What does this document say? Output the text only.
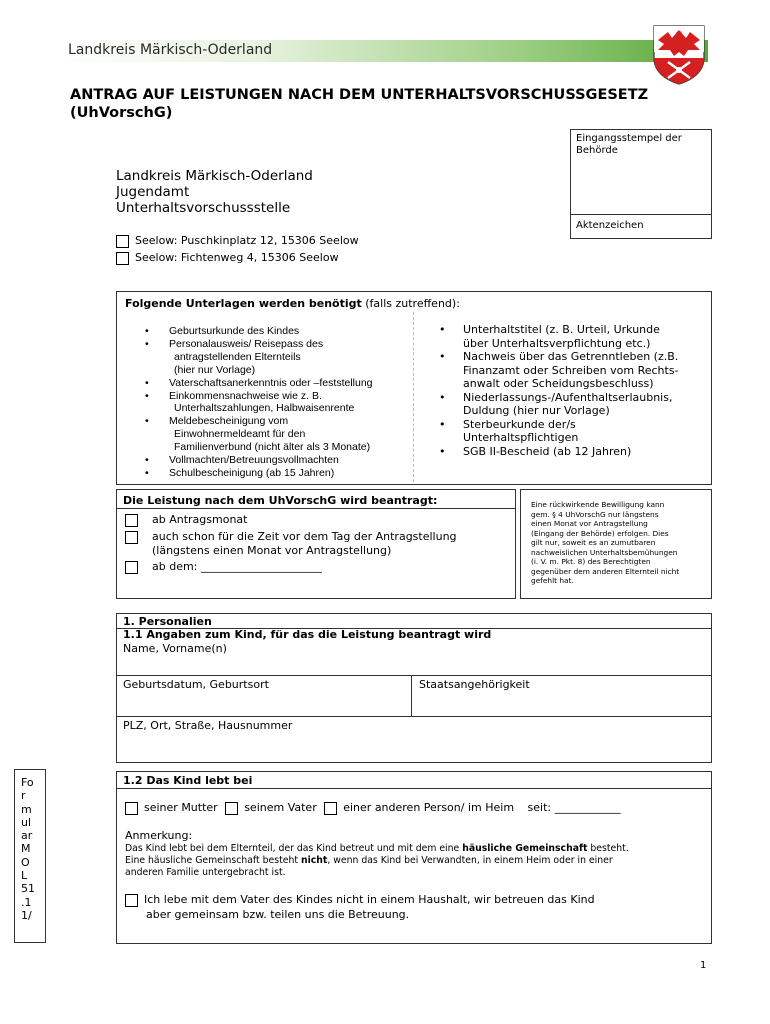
Landkreis Märkisch-Oderland
ANTRAG AUF LEISTUNGEN NACH DEM UNTERHALTSVORSCHUSSGESETZ
(UhVorschG)
Eingangsstempel der Behörde
Aktenzeichen
Landkreis Märkisch-Oderland
Jugendamt
Unterhaltsvorschussstelle
Seelow: Puschkinplatz 12, 15306 Seelow
Seelow: Fichtenweg 4, 15306 Seelow
Folgende Unterlagen werden benötigt (falls zutreffend):
• Geburtsurkunde des Kindes
• Personalausweis/ Reisepass des
antragstellenden Elternteils
(hier nur Vorlage)
• Vaterschaftsanerkenntnis oder –feststellung
• Einkommensnachweise wie z. B.
Unterhaltszahlungen, Halbwaisenrente
• Meldebescheinigung vom
Einwohnermeldeamt für den
Familienverbund (nicht älter als 3 Monate)
• Vollmachten/Betreuungsvollmachten
• Schulbescheinigung (ab 15 Jahren)
• Unterhaltstitel (z. B. Urteil, Urkunde
über Unterhaltsverpflichtung etc.)
• Nachweis über das Getrenntleben (z.B.
Finanzamt oder Schreiben vom Rechts-
anwalt oder Scheidungsbeschluss)
• Niederlassungs-/Aufenthaltserlaubnis,
Duldung (hier nur Vorlage)
• Sterbeurkunde der/s
Unterhaltspflichtigen
• SGB II-Bescheid (ab 12 Jahren)
Die Leistung nach dem UhVorschG wird beantragt:
ab Antragsmonat
auch schon für die Zeit vor dem Tag der Antragstellung
(längstens einen Monat vor Antragstellung)
ab dem: ______________________
Eine rückwirkende Bewilligung kann
gem. § 4 UhVorschG nur längstens
einen Monat vor Antragstellung
(Eingang der Behörde) erfolgen. Dies
gilt nur, soweit es an zumutbaren
nachweislichen Unterhaltsbemühungen
(i. V. m. Pkt. 8) des Berechtigten
gegenüber dem anderen Elternteil nicht
gefehlt hat.
1. Personalien
1.1 Angaben zum Kind, für das die Leistung beantragt wird
Name, Vorname(n)
Geburtsdatum, Geburtsort	Staatsangehörigkeit
PLZ, Ort, Straße, Hausnummer
Fo
r
m
ul
ar
M
O
L
51
.1
1/
1.2 Das Kind lebt bei
seiner Mutter seinem Vater einer anderen Person/ im Heim seit: ____________
Anmerkung:
Das Kind lebt bei dem Elternteil, der das Kind betreut und mit dem eine häusliche Gemeinschaft besteht.
Eine häusliche Gemeinschaft besteht nicht, wenn das Kind bei Verwandten, in einem Heim oder in einer
anderen Familie untergebracht ist.
Ich lebe mit dem Vater des Kindes nicht in einem Haushalt, wir betreuen das Kind
aber gemeinsam bzw. teilen uns die Betreuung.
1
